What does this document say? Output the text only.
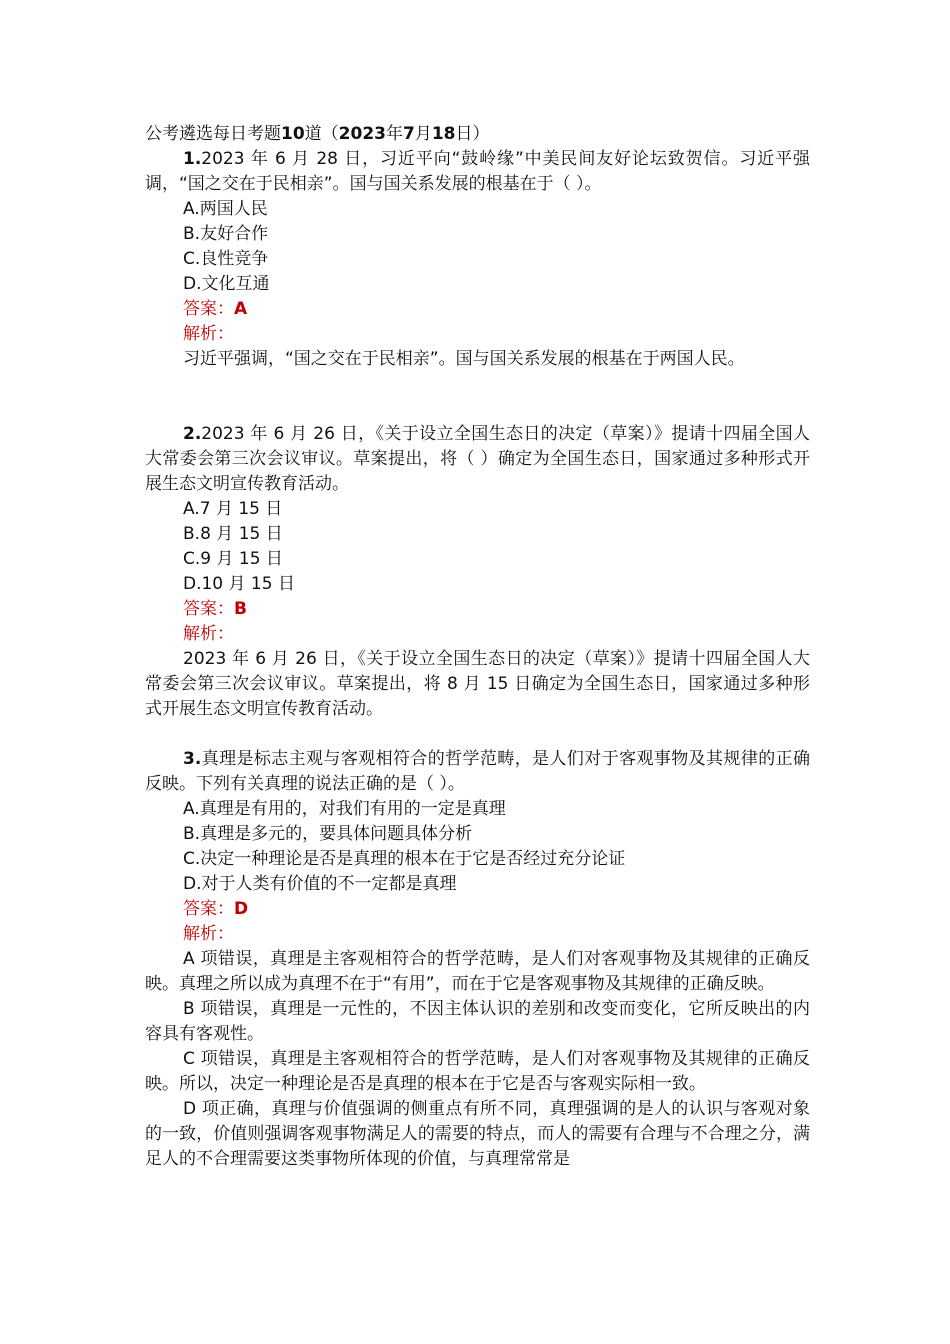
公考遴选每日考题10道（2023年7月18日）

1.2023 年 6 月 28 日，习近平向“鼓岭缘”中美民间友好论坛致贺信。习近平强调，“国之交在于民相亲”。国与国关系发展的根基在于（ ）。

A.两国人民

B.友好合作

C.良性竞争

D.文化互通

答案：A

解析：

习近平强调，“国之交在于民相亲”。国与国关系发展的根基在于两国人民。

2.2023 年 6 月 26 日，《关于设立全国生态日的决定（草案）》提请十四届全国人大常委会第三次会议审议。草案提出，将（ ）确定为全国生态日，国家通过多种形式开展生态文明宣传教育活动。

A.7 月 15 日

B.8 月 15 日

C.9 月 15 日

D.10 月 15 日

答案：B

解析：

2023 年 6 月 26 日，《关于设立全国生态日的决定（草案）》提请十四届全国人大常委会第三次会议审议。草案提出，将 8 月 15 日确定为全国生态日，国家通过多种形式开展生态文明宣传教育活动。

3.真理是标志主观与客观相符合的哲学范畴，是人们对于客观事物及其规律的正确反映。下列有关真理的说法正确的是（ ）。

A.真理是有用的，对我们有用的一定是真理

B.真理是多元的，要具体问题具体分析

C.决定一种理论是否是真理的根本在于它是否经过充分论证

D.对于人类有价值的不一定都是真理

答案：D

解析：

A 项错误，真理是主客观相符合的哲学范畴，是人们对客观事物及其规律的正确反映。真理之所以成为真理不在于“有用”，而在于它是客观事物及其规律的正确反映。

B 项错误，真理是一元性的，不因主体认识的差别和改变而变化，它所反映出的内容具有客观性。

C 项错误，真理是主客观相符合的哲学范畴，是人们对客观事物及其规律的正确反映。所以，决定一种理论是否是真理的根本在于它是否与客观实际相一致。

D 项正确，真理与价值强调的侧重点有所不同，真理强调的是人的认识与客观对象的一致，价值则强调客观事物满足人的需要的特点，而人的需要有合理与不合理之分，满足人的不合理需要这类事物所体现的价值，与真理常常是
